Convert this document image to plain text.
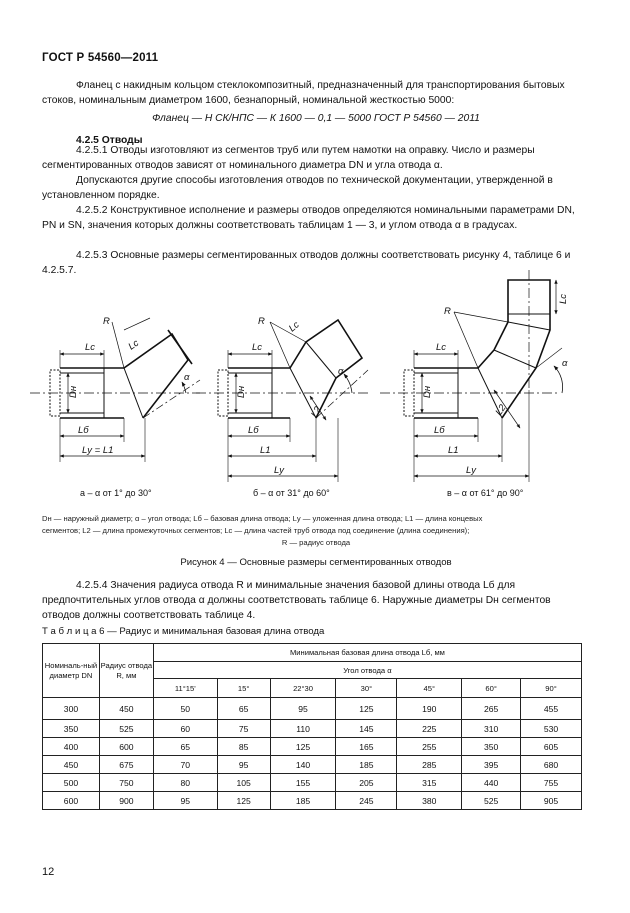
ГОСТ Р 54560—2011
Фланец с накидным кольцом стеклокомпозитный, предназначенный для транспортирования бытовых стоков, номинальным диаметром 1600, безнапорный, номинальной жесткостью 5000:
Фланец — Н СК/НПС — К 1600 — 0,1 — 5000 ГОСТ Р 54560 — 2011
4.2.5 Отводы
4.2.5.1 Отводы изготовляют из сегментов труб или путем намотки на оправку. Число и размеры сегментированных отводов зависят от номинального диаметра DN и угла отвода α.
Допускаются другие способы изготовления отводов по технической документации, утвержденной в установленном порядке.
4.2.5.2 Конструктивное исполнение и размеры отводов определяются номинальными параметрами DN, PN и SN, значения которых должны соответствовать таблицам 1 — 3, и углом отвода α в градусах.
4.2.5.3 Основные размеры сегментированных отводов должны соответствовать рисунку 4, таблице 6 и 4.2.5.7.
R
Lc
Lc
α
Lб
Lу = L1
Dн
R Lc
Lc
α
L2
Lб
L1
Lу
Dн
R
Lc
Lc
α
L2
Lб
L1
Lу
Dн
а – α от 1° до 30°	б – α от 31° до 60°	в – α от 61° до 90°
Dн — наружный диаметр; α – угол отвода; Lб – базовая длина отвода; Lу — уложенная длина отвода; L1 — длина концевых
сегментов; L2 — длина промежуточных сегментов; Lс — длина частей труб отвода под соединение (длина соединения);
R — радиус отвода
Рисунок 4 — Основные размеры сегментированных отводов
4.2.5.4 Значения радиуса отвода R и минимальные значения базовой длины отвода Lб для предпочтительных углов отвода α должны соответствовать таблице 6. Наружные диаметры Dн сегментов отводов должны соответствовать таблице 4.
Т а б л и ц а 6 — Радиус и минимальная базовая длина отвода
Номиналь-ный диаметр DN	Радиус отвода R, мм	Минимальная базовая длина отвода Lб, мм						
		Угол отвода α						
		11°15'	15°	22°30	30°	45°	60°	90°
300	450	50	65	95	125	190	265	455
350	525	60	75	110	145	225	310	530
400	600	65	85	125	165	255	350	605
450	675	70	95	140	185	285	395	680
500	750	80	105	155	205	315	440	755
600	900	95	125	185	245	380	525	905
12
